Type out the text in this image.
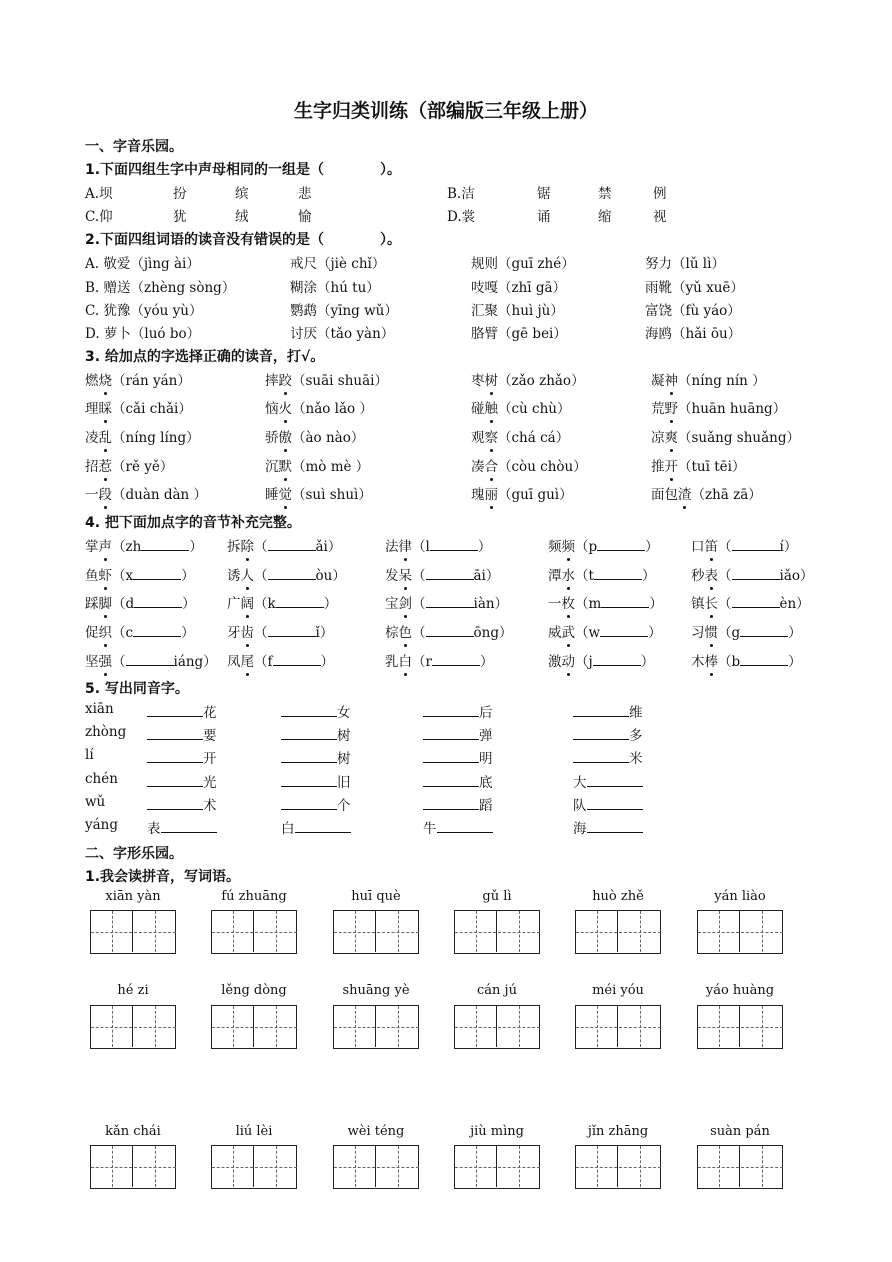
生字归类训练（部编版三年级上册）
一、字音乐园。
1.下面四组生字中声母相同的一组是（　　　　）。
A.坝	扮	缤	悲	B.洁	锯	禁	例
C.仰	犹	绒	愉	D.裳	诵	缩	视
2.下面四组词语的读音没有错误的是（　　　　）。
A. 敬爱（jìng ài）	戒尺（jiè chǐ）	规则（guī zhé）	努力（lǔ lì）
B. 赠送（zhèng sòng）	糊涂（hú tu）	吱嘎（zhī gā）	雨靴（yǔ xuē）
C. 犹豫（yóu yù）	鹦鹉（yīng wǔ）	汇聚（huì jù）	富饶（fù yáo）
D. 萝卜（luó bo）	讨厌（tǎo yàn）	胳臂（gē bei）	海鸥（hǎi ōu）
3. 给加点的字选择正确的读音，打√。
燃烧（rán yán）	摔跤（suāi shuāi）	枣树（zǎo zhǎo）	凝神（níng nín ）
理睬（cǎi chǎi）	恼火（nǎo lǎo ）	碰触（cù chù）	荒野（huān huāng）
凌乱（níng líng）	骄傲（ào nào）	观察（chá cá）	凉爽（suǎng shuǎng）
招惹（rě yě）	沉默（mò mè ）	凑合（còu chòu）	推开（tuī tēi）
一段（duàn dàn ）	睡觉（suì shuì）	瑰丽（guī guì）	面包渣（zhā zā）
4. 把下面加点字的音节补充完整。
掌声（zh	） 拆除（	ǎi）	法律（l	）	频频（p	） 口笛（	í）
鱼虾（x	） 诱人（	òu）	发呆（	āi）	潭水（t	）	秒表（	iǎo）
踩脚（d	） 广阔（k	）	宝剑（	iàn）	一枚（m	） 镇长（	èn）
促织（c	） 牙齿（	ǐ）	棕色（	ōng）	威武（w	） 习惯（g	）
坚强（	iáng） 凤尾（f	）	乳白（r	）	激动（j	）	木棒（b	）
5. 写出同音字。
xiān	花	女	后	维
zhòng	要	树	弹	多
lí	开	树	明	米
chén	光	旧	底	大
wǔ	术	个	蹈	队
yáng 表	白	牛	海
二、字形乐园。
1.我会读拼音，写词语。
xiān yàn	fú zhuāng	huī què	gǔ lì	huò zhě	yán liào
hé zi	lěng dòng	shuāng yè	cán jú	méi yóu	yáo huàng
kǎn chái	liú lèi	wèi téng	jiù mìng	jǐn zhāng	suàn pán
